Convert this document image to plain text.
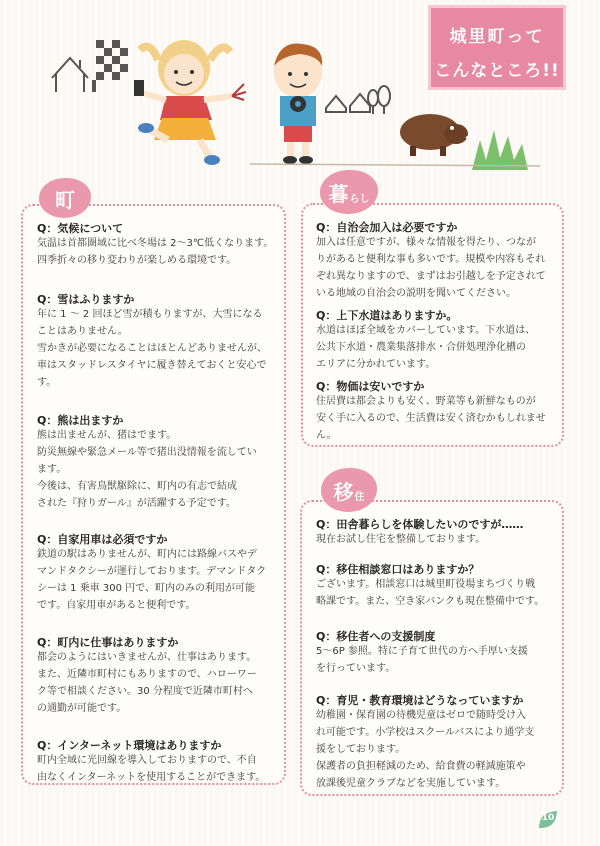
城里町って
こんなところ!!
町
Q：気候について
気温は首都圏域に比べ冬場は 2〜3℃低くなります。
四季折々の移り変わりが楽しめる環境です。
Q：雪はふりますか
年に 1 〜 2 回ほど雪が積もりますが、大雪になる
ことはありません。
雪かきが必要になることはほとんどありませんが、
車はスタッドレスタイヤに履き替えておくと安心で
す。
Q：熊は出ますか
熊は出ませんが、猪はでます。
防災無線や緊急メール等で猪出没情報を流してい
ます。
今後は、有害鳥獣駆除に、町内の有志で結成
された『狩りガール』が活躍する予定です。
Q：自家用車は必須ですか
鉄道の駅はありませんが、町内には路線バスやデ
マンドタクシーが運行しております。デマンドタク
シーは 1 乗車 300 円で、町内のみの利用が可能
です。自家用車があると便利です。
Q：町内に仕事はありますか
都会のようにはいきませんが、仕事はあります。
また、近隣市町村にもありますので、ハローワー
ク等で相談ください。30 分程度で近隣市町村へ
の通勤が可能です。
Q：インターネット環境はありますか
町内全域に光回線を導入しておりますので、不自
由なくインターネットを使用することができます。
暮 らし
Q：自治会加入は必要ですか
加入は任意ですが、様々な情報を得たり、つなが
りがあると便利な事も多いです。規模や内容もそれ
ぞれ異なりますので、まずはお引越しを予定されて
いる地域の自治会の説明を聞いてください。
Q：上下水道はありますか。
水道はほぼ全域をカバーしています。下水道は、
公共下水道・農業集落排水・合併処理浄化槽の
エリアに分かれています。
Q：物価は安いですか
住居費は都会よりも安く、野菜等も新鮮なものが
安く手に入るので、生活費は安く済むかもしれませ
ん。
移 住
Q：田舎暮らしを体験したいのですが……
現在お試し住宅を整備しております。
Q：移住相談窓口はありますか？
ございます。相談窓口は城里町役場まちづくり戦
略課です。また、空き家バンクも現在整備中です。
Q：移住者への支援制度
5〜6P 参照。特に子育て世代の方へ手厚い支援
を行っています。
Q：育児・教育環境はどうなっていますか
幼稚園・保育園の待機児童はゼロで随時受け入
れ可能です。小学校はスクールバスにより通学支
援をしております。
保護者の負担軽減のため、給食費の軽減施策や
放課後児童クラブなどを実施しています。
10
